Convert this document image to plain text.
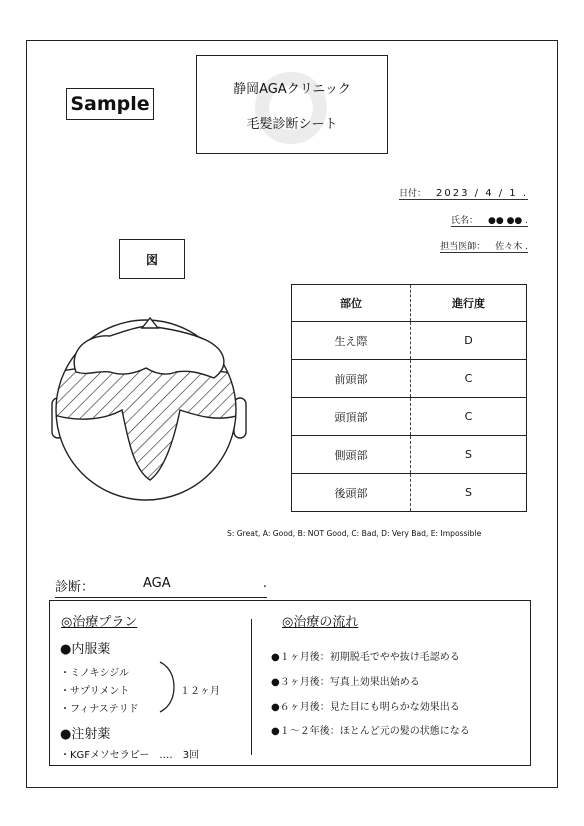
Sample
静岡AGAクリニック
毛髪診断シート
日付： 2023 / 4 / 1 .
氏名： ●● ●● .
担当医師： 佐々木 .
図
部位	進行度
生え際	D
前頭部	C
頭頂部	C
側頭部	S
後頭部	S
S: Great, A: Good, B: NOT Good, C: Bad, D: Very Bad, E: Impossible
診断：	AGA	.
◎治療プラン
●内服薬
・ミノキシジル
・サプリメント
・フィナステリド
１２ヶ月
●注射薬
・KGFメソセラピー　‥‥　3回
◎治療の流れ
●１ヶ月後：初期脱毛でやや抜け毛認める
●３ヶ月後：写真上効果出始める
●６ヶ月後：見た目にも明らかな効果出る
●１～２年後：ほとんど元の髪の状態になる
